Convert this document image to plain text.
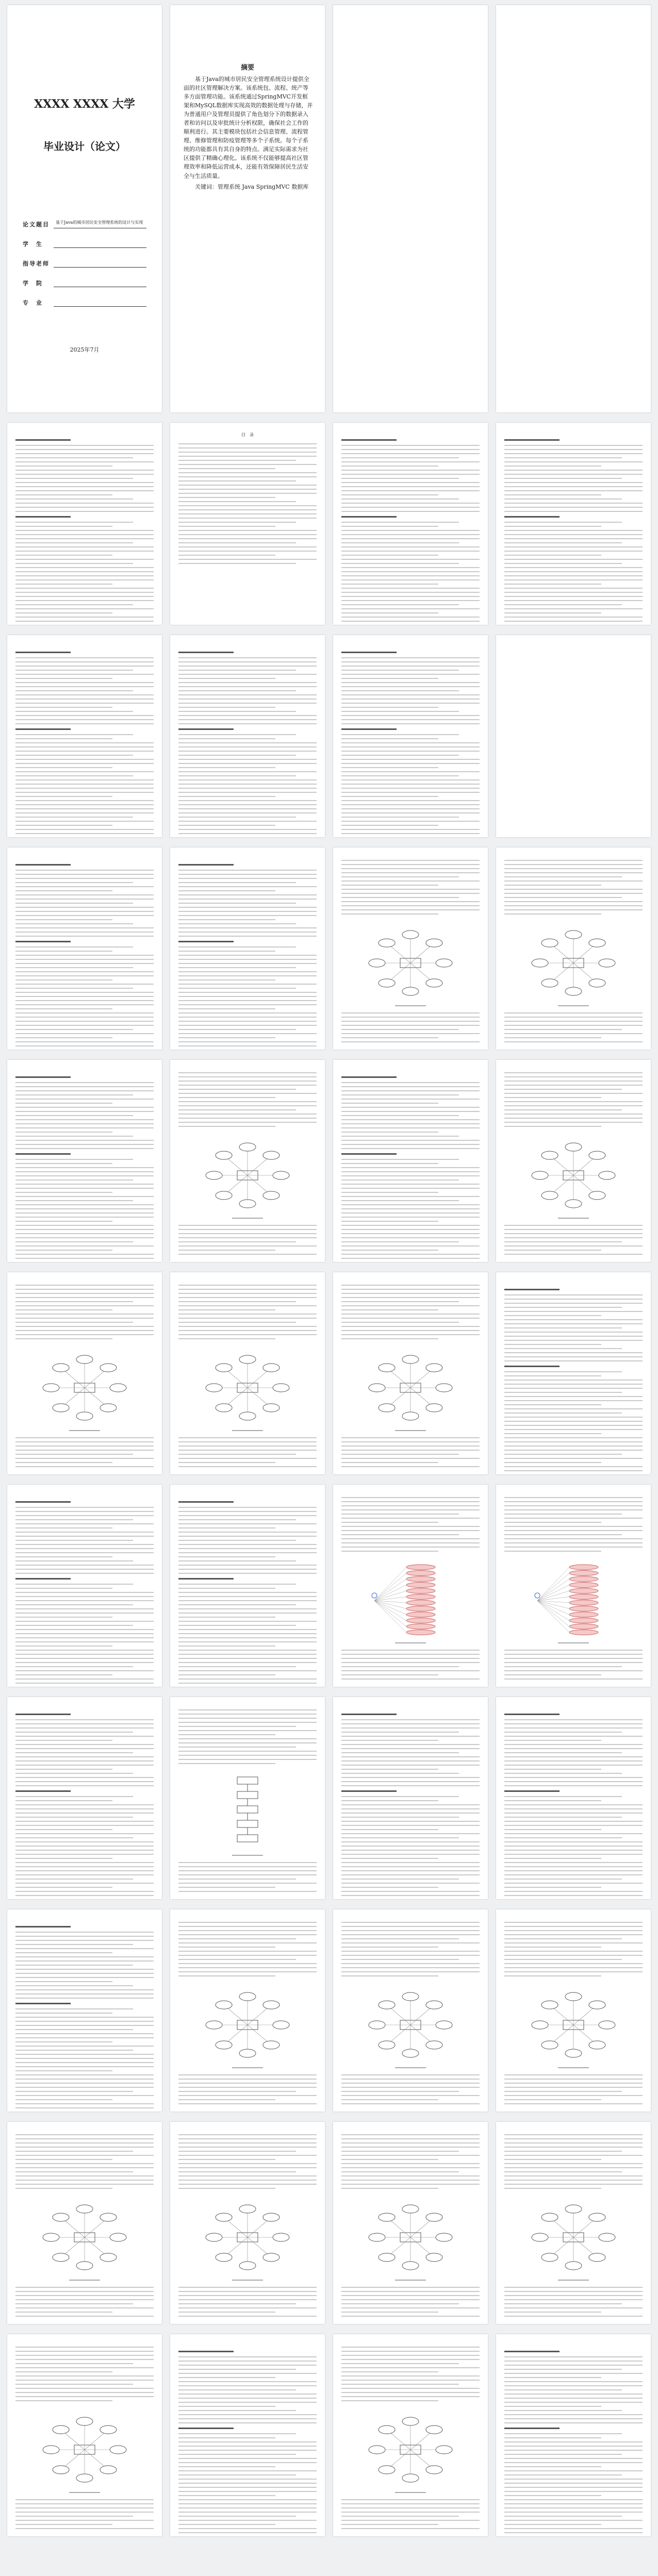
XXXX XXXX 大学
毕业设计（论文）
论文题目	基于Java的城市居民安全管理系统的设计与实现
学　生
指导老师
学　院
专　业
2025年7月
摘要
基于Java的城市居民安全管理系统设计提供全面的社区管理解决方案。该系统包、流程、统产等多方面管理功能。该系统通过SpringMVC开发框架和MySQL数据库实现高效的数据处理与存储，并为普通用户及管理员提供了角色划分下的数据录入者和访问以及审批统计分析权限，确保社会工作的顺利进行。其主要模块包括社会信息管理、流程管理、维修管理和防疫管理等多个子系统。每个子系统的功能都具有其自身的特点。满足实际需求为社区提供了精确心理化。该系统不仅能够提高社区管理效率和降低运营成本，还能有效保障居民生活安全与生活质量。
关键词：管理系统 Java SpringMVC 数据库
目　录
